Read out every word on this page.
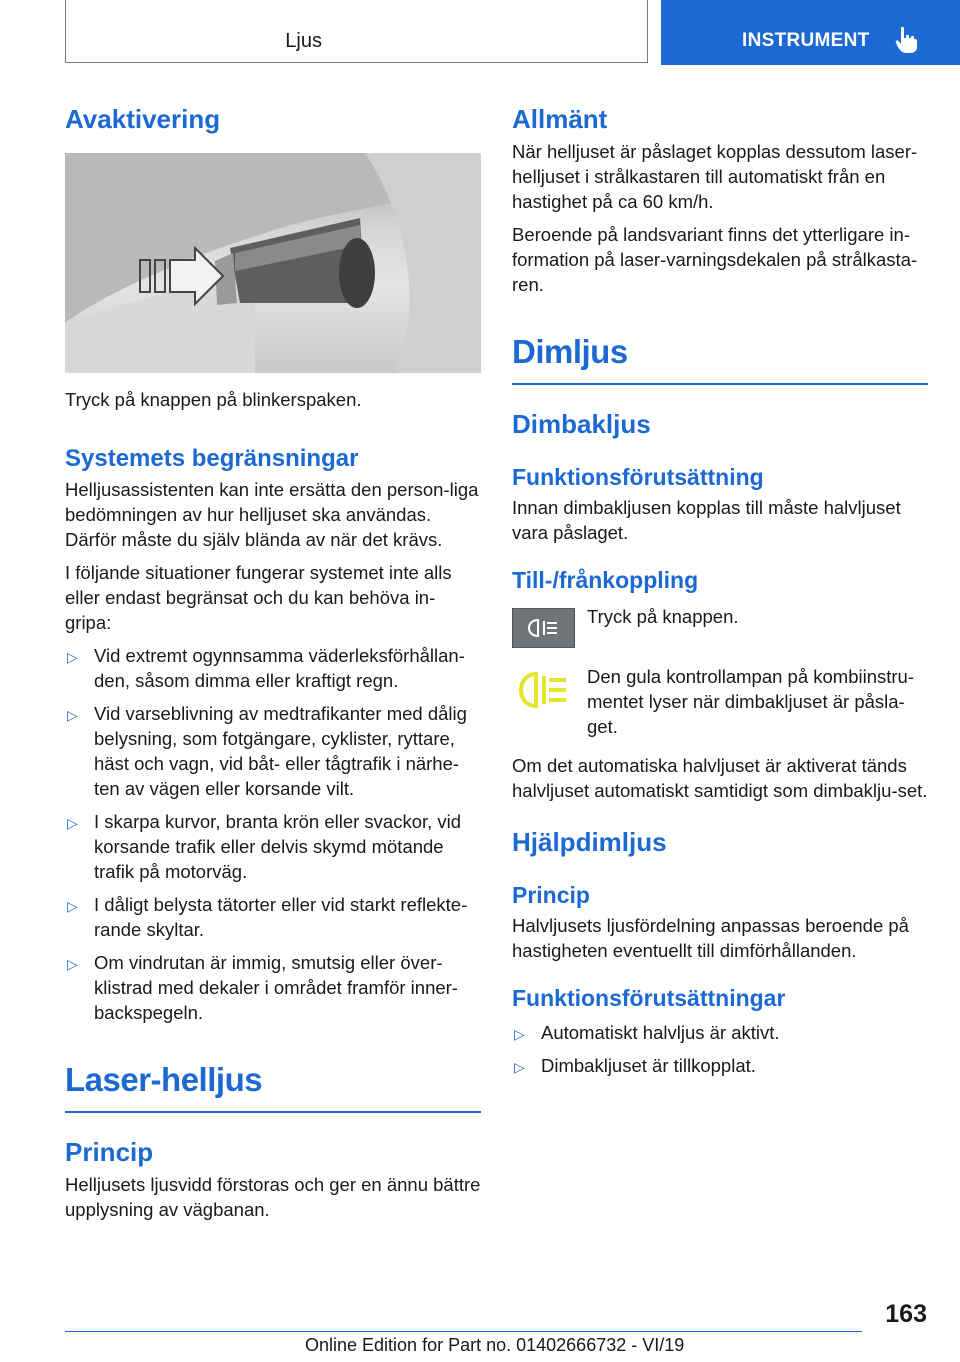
Ljus	INSTRUMENT
Avaktivering

Tryck på knappen på blinkerspaken.

Systemets begränsningar

Helljusassistenten kan inte ersätta den person-liga bedömningen av hur helljuset ska användas. Därför måste du själv blända av när det krävs.

I följande situationer fungerar systemet inte alls eller endast begränsat och du kan behöva in-gripa:

▷ Vid extremt ogynnsamma väderleksförhållan-den, såsom dimma eller kraftigt regn.
▷ Vid varseblivning av medtrafikanter med dålig belysning, som fotgängare, cyklister, ryttare, häst och vagn, vid båt- eller tågtrafik i närhe-ten av vägen eller korsande vilt.
▷ I skarpa kurvor, branta krön eller svackor, vid korsande trafik eller delvis skymd mötande trafik på motorväg.
▷ I dåligt belysta tätorter eller vid starkt reflekte-rande skyltar.
▷ Om vindrutan är immig, smutsig eller över-klistrad med dekaler i området framför inner-backspegeln.
Laser-helljus
Princip

Helljusets ljusvidd förstoras och ger en ännu bättre upplysning av vägbanan.

Allmänt

När helljuset är påslaget kopplas dessutom laser-helljuset i strålkastaren till automatiskt från en hastighet på ca 60 km/h.

Beroende på landsvariant finns det ytterligare in-formation på laser-varningsdekalen på strålkasta-ren.

Dimljus
Dimbakljus
Funktionsförutsättning

Innan dimbakljusen kopplas till måste halvljuset vara påslaget.

Till-/frånkoppling

Tryck på knappen.

Den gula kontrollampan på kombiinstru-mentet lyser när dimbakljuset är påsla-get.

Om det automatiska halvljuset är aktiverat tänds halvljuset automatiskt samtidigt som dimbaklju-set.

Hjälpdimljus
Princip

Halvljusets ljusfördelning anpassas beroende på hastigheten eventuellt till dimförhållanden.

Funktionsförutsättningar
▷ Automatiskt halvljus är aktivt.
▷ Dimbakljuset är tillkopplat.
163
Online Edition for Part no. 01402666732 - VI/19
